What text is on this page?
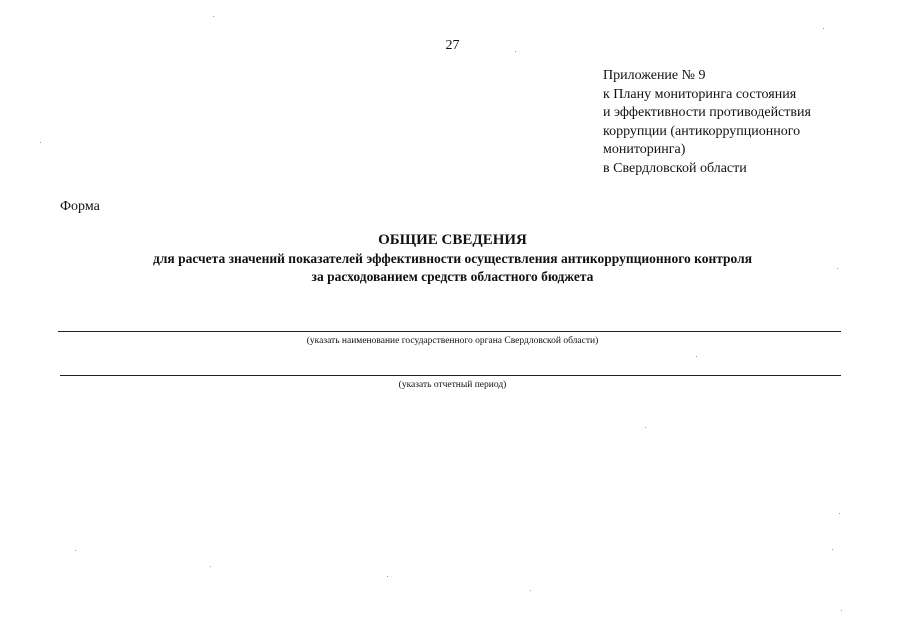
27
Приложение № 9
к Плану мониторинга состояния
и эффективности противодействия
коррупции (антикоррупционного
мониторинга)
в Свердловской области
Форма
ОБЩИЕ СВЕДЕНИЯ
для расчета значений показателей эффективности осуществления антикоррупционного контроля
за расходованием средств областного бюджета
(указать наименование государственного органа Свердловской области)
(указать отчетный период)
